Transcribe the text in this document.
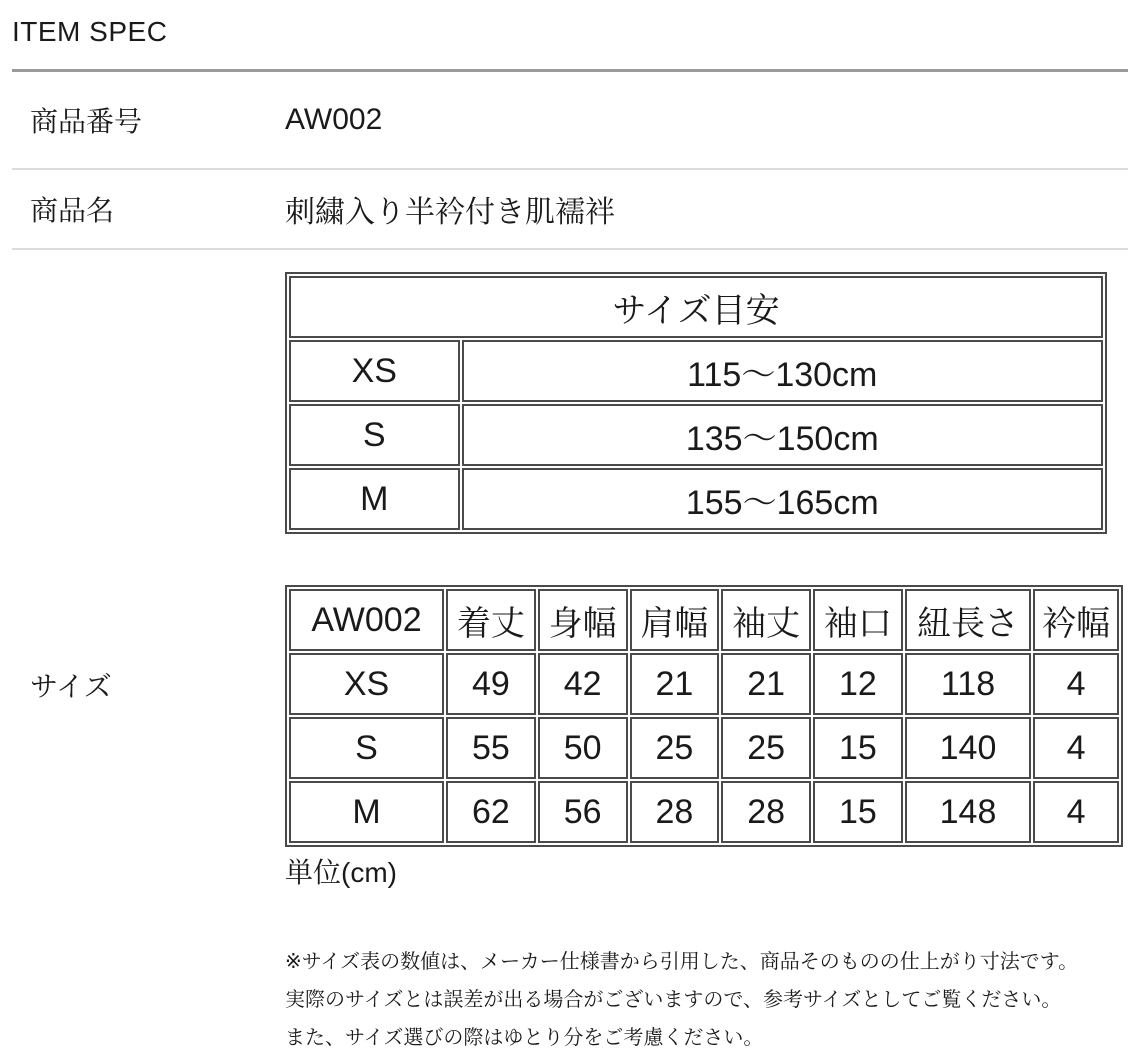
ITEM SPEC
商品番号	AW002
商品名	刺繍入り半衿付き肌襦袢
サイズ
サイズ目安	
XS	115〜130cm
S	135〜150cm
M	155〜165cm
AW002	着丈	身幅	肩幅	袖丈	袖口	紐長さ	衿幅
XS	49	42	21	21	12	118	4
S	55	50	25	25	15	140	4
M	62	56	28	28	15	148	4
単位(cm)
※サイズ表の数値は、メーカー仕様書から引用した、商品そのものの仕上がり寸法です。
実際のサイズとは誤差が出る場合がございますので、参考サイズとしてご覧ください。
また、サイズ選びの際はゆとり分をご考慮ください。
